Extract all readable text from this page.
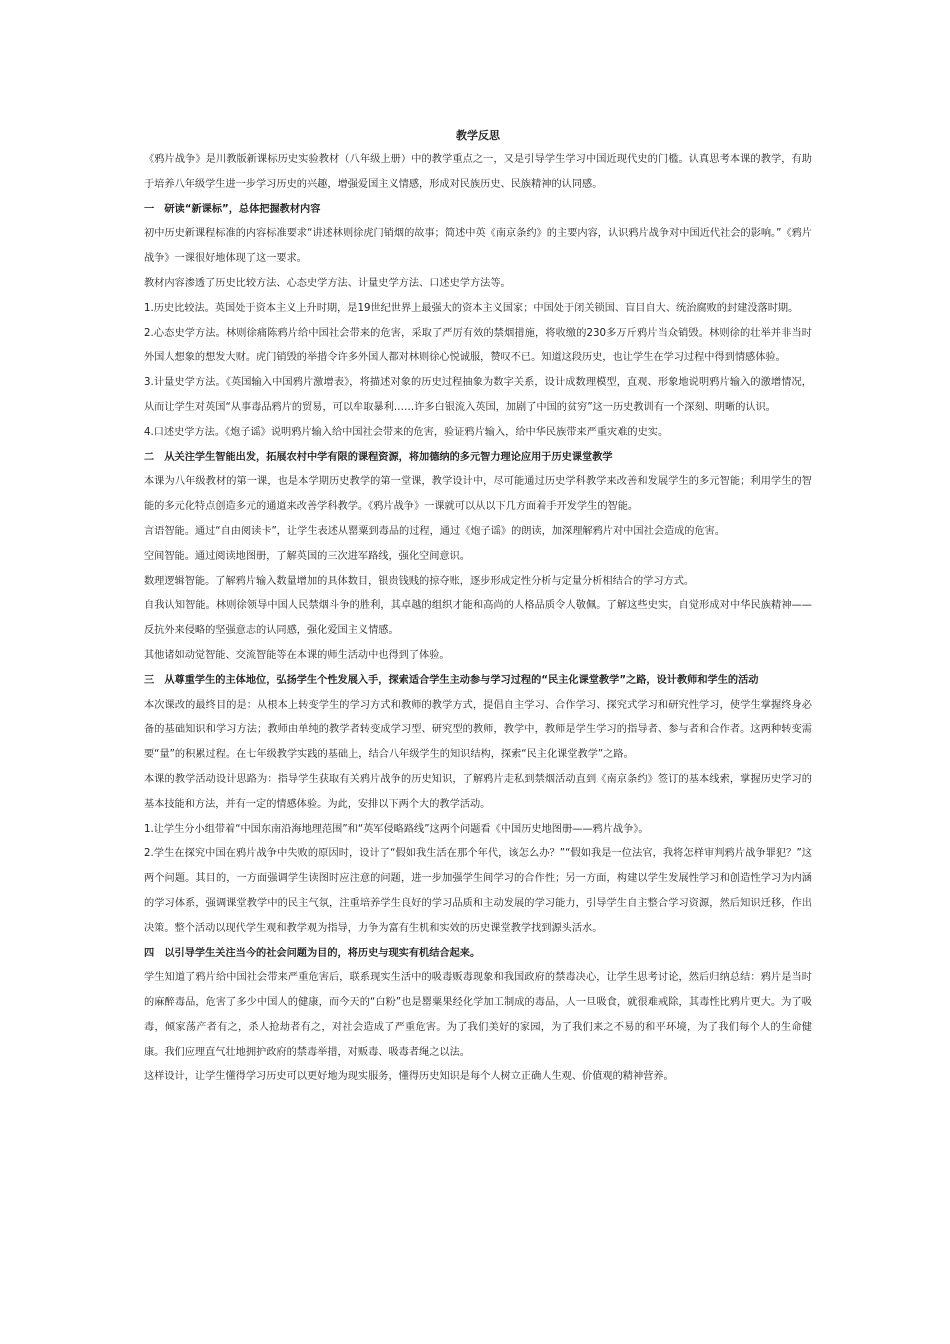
教学反思

《鸦片战争》是川教版新课标历史实验教材（八年级上册）中的教学重点之一，又是引导学生学习中国近现代史的门槛。认真思考本课的教学，有助于培养八年级学生进一步学习历史的兴趣，增强爱国主义情感，形成对民族历史、民族精神的认同感。

一　研读“新课标”，总体把握教材内容

初中历史新课程标准的内容标准要求“讲述林则徐虎门销烟的故事；简述中英《南京条约》的主要内容，认识鸦片战争对中国近代社会的影响。”《鸦片战争》一课很好地体现了这一要求。

教材内容渗透了历史比较方法、心态史学方法、计量史学方法、口述史学方法等。

1.历史比较法。英国处于资本主义上升时期，是19世纪世界上最强大的资本主义国家；中国处于闭关锁国、盲目自大、统治腐败的封建没落时期。

2.心态史学方法。林则徐痛陈鸦片给中国社会带来的危害，采取了严厉有效的禁烟措施，将收缴的230多万斤鸦片当众销毁。林则徐的壮举并非当时外国人想象的想发大财。虎门销毁的举措令许多外国人都对林则徐心悦诚服，赞叹不已。知道这段历史，也让学生在学习过程中得到情感体验。

3.计量史学方法。《英国输入中国鸦片激增表》，将描述对象的历史过程抽象为数字关系，设计成数理模型，直观、形象地说明鸦片输入的激增情况，从而让学生对英国“从事毒品鸦片的贸易，可以牟取暴利……许多白银流入英国，加剧了中国的贫穷”这一历史教训有一个深刻、明晰的认识。

4.口述史学方法。《炮子谣》说明鸦片输入给中国社会带来的危害，验证鸦片输入，给中华民族带来严重灾难的史实。

二　从关注学生智能出发，拓展农村中学有限的课程资源，将加德纳的多元智力理论应用于历史课堂教学

本课为八年级教材的第一课，也是本学期历史教学的第一堂课，教学设计中，尽可能通过历史学科教学来改善和发展学生的多元智能；利用学生的智能的多元化特点创造多元的通道来改善学科教学。《鸦片战争》一课就可以从以下几方面着手开发学生的智能。

言语智能。通过“自由阅读卡”，让学生表述从罂粟到毒品的过程，通过《炮子谣》的朗读，加深理解鸦片对中国社会造成的危害。

空间智能。通过阅读地图册，了解英国的三次进军路线，强化空间意识。

数理逻辑智能。了解鸦片输入数量增加的具体数目，银贵钱贱的掠夺账，逐步形成定性分析与定量分析相结合的学习方式。

自我认知智能。林则徐领导中国人民禁烟斗争的胜利，其卓越的组织才能和高尚的人格品质令人敬佩。了解这些史实，自觉形成对中华民族精神——反抗外来侵略的坚强意志的认同感，强化爱国主义情感。

其他诸如动觉智能、交流智能等在本课的师生活动中也得到了体验。

三　从尊重学生的主体地位，弘扬学生个性发展入手，探索适合学生主动参与学习过程的“民主化课堂教学”之路，设计教师和学生的活动

本次课改的最终目的是：从根本上转变学生的学习方式和教师的教学方式，提倡自主学习、合作学习、探究式学习和研究性学习，使学生掌握终身必备的基础知识和学习方法；教师由单纯的教学者转变成学习型、研究型的教师，教学中，教师是学生学习的指导者、参与者和合作者。这两种转变需要“量”的积累过程。在七年级教学实践的基础上，结合八年级学生的知识结构，探索“民主化课堂教学”之路。

本课的教学活动设计思路为：指导学生获取有关鸦片战争的历史知识，了解鸦片走私到禁烟活动直到《南京条约》签订的基本线索，掌握历史学习的基本技能和方法，并有一定的情感体验。为此，安排以下两个大的教学活动。

1.让学生分小组带着“中国东南沿海地理范围”和“英军侵略路线”这两个问题看《中国历史地图册——鸦片战争》。

2.学生在探究中国在鸦片战争中失败的原因时，设计了“假如我生活在那个年代，该怎么办？”“假如我是一位法官，我将怎样审判鸦片战争罪犯？”这两个问题。其目的，一方面强调学生读图时应注意的问题，进一步加强学生间学习的合作性；另一方面，构建以学生发展性学习和创造性学习为内涵的学习体系，强调课堂教学中的民主气氛，注重培养学生良好的学习品质和主动发展的学习能力，引导学生自主整合学习资源，然后知识迁移，作出决策。整个活动以现代学生观和教学观为指导，力争为富有生机和实效的历史课堂教学找到源头活水。

四　以引导学生关注当今的社会问题为目的，将历史与现实有机结合起来。

学生知道了鸦片给中国社会带来严重危害后，联系现实生活中的吸毒贩毒现象和我国政府的禁毒决心，让学生思考讨论，然后归纳总结：鸦片是当时的麻醉毒品，危害了多少中国人的健康，而今天的“白粉”也是罂粟果经化学加工制成的毒品，人一旦吸食，就很难戒除，其毒性比鸦片更大。为了吸毒，倾家荡产者有之，杀人抢劫者有之，对社会造成了严重危害。为了我们美好的家园，为了我们来之不易的和平环境，为了我们每个人的生命健康。我们应理直气壮地拥护政府的禁毒举措，对贩毒、吸毒者绳之以法。

这样设计，让学生懂得学习历史可以更好地为现实服务，懂得历史知识是每个人树立正确人生观、价值观的精神营养。
